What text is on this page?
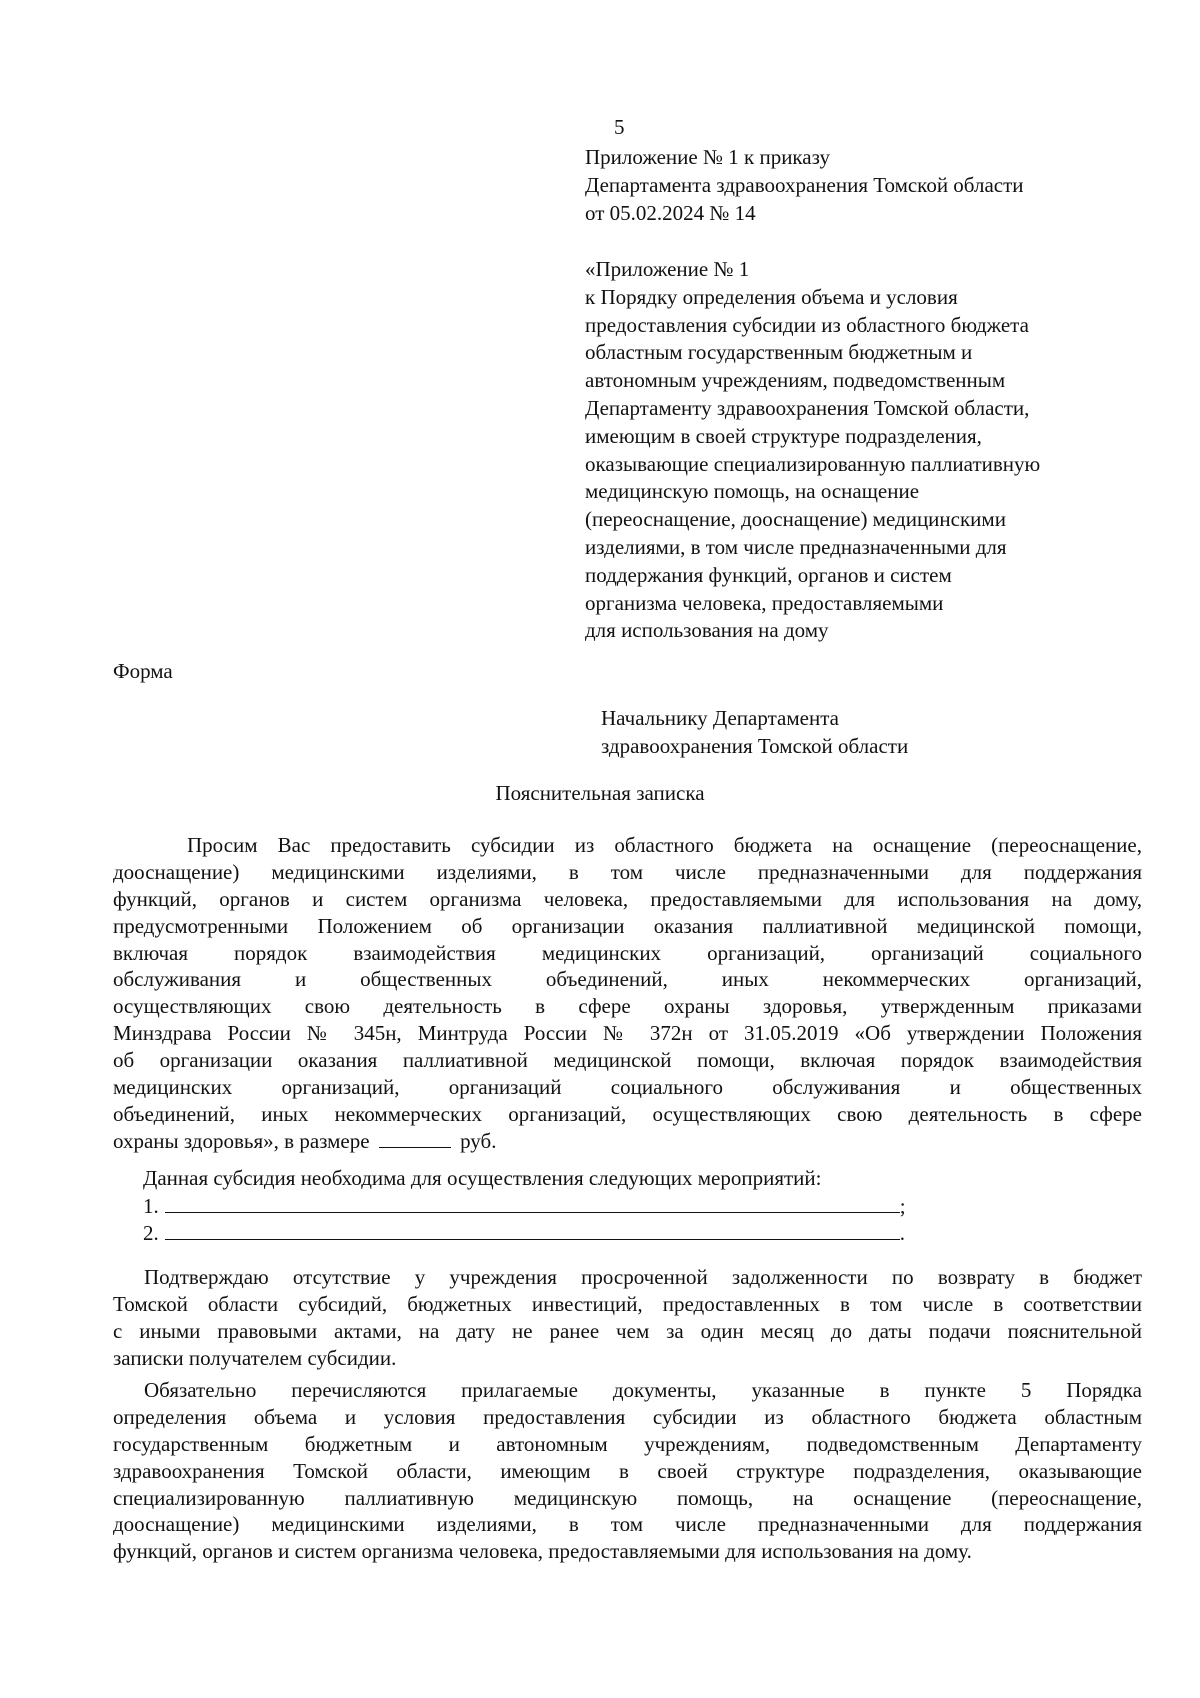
5

Приложение № 1 к приказу
Департамента здравоохранения Томской области
от 05.02.2024 № 14
«Приложение № 1
к Порядку определения объема и условия
предоставления субсидии из областного бюджета
областным государственным бюджетным и
автономным учреждениям, подведомственным
Департаменту здравоохранения Томской области,
имеющим в своей структуре подразделения,
оказывающие специализированную паллиативную
медицинскую помощь, на оснащение
(переоснащение, дооснащение) медицинскими
изделиями, в том числе предназначенными для
поддержания функций, органов и систем
организма человека, предоставляемыми
для использования на дому

Форма

Начальнику Департамента
здравоохранения Томской области
Пояснительная записка
Просим Вас предоставить субсидии из областного бюджета на оснащение (переоснащение,
дооснащение) медицинскими изделиями, в том числе предназначенными для поддержания
функций, органов и систем организма человека, предоставляемыми для использования на дому,
предусмотренными Положением об организации оказания паллиативной медицинской помощи,
включая порядок взаимодействия медицинских организаций, организаций социального
обслуживания и общественных объединений, иных некоммерческих организаций,
осуществляющих свою деятельность в сфере охраны здоровья, утвержденным приказами
Минздрава России № 345н, Минтруда России № 372н от 31.05.2019 «Об утверждении Положения
об организации оказания паллиативной медицинской помощи, включая порядок взаимодействия
медицинских организаций, организаций социального обслуживания и общественных
объединений, иных некоммерческих организаций, осуществляющих свою деятельность в сфере
охраны здоровья», в размере	руб.

Данная субсидия необходима для осуществления следующих мероприятий:

1.	;
2.	.
Подтверждаю отсутствие у учреждения просроченной задолженности по возврату в бюджет
Томской области субсидий, бюджетных инвестиций, предоставленных в том числе в соответствии
с иными правовыми актами, на дату не ранее чем за один месяц до даты подачи пояснительной
записки получателем субсидии.
Обязательно перечисляются прилагаемые документы, указанные в пункте 5 Порядка
определения объема и условия предоставления субсидии из областного бюджета областным
государственным бюджетным и автономным учреждениям, подведомственным Департаменту
здравоохранения Томской области, имеющим в своей структуре подразделения, оказывающие
специализированную паллиативную медицинскую помощь, на оснащение (переоснащение,
дооснащение) медицинскими изделиями, в том числе предназначенными для поддержания
функций, органов и систем организма человека, предоставляемыми для использования на дому.
